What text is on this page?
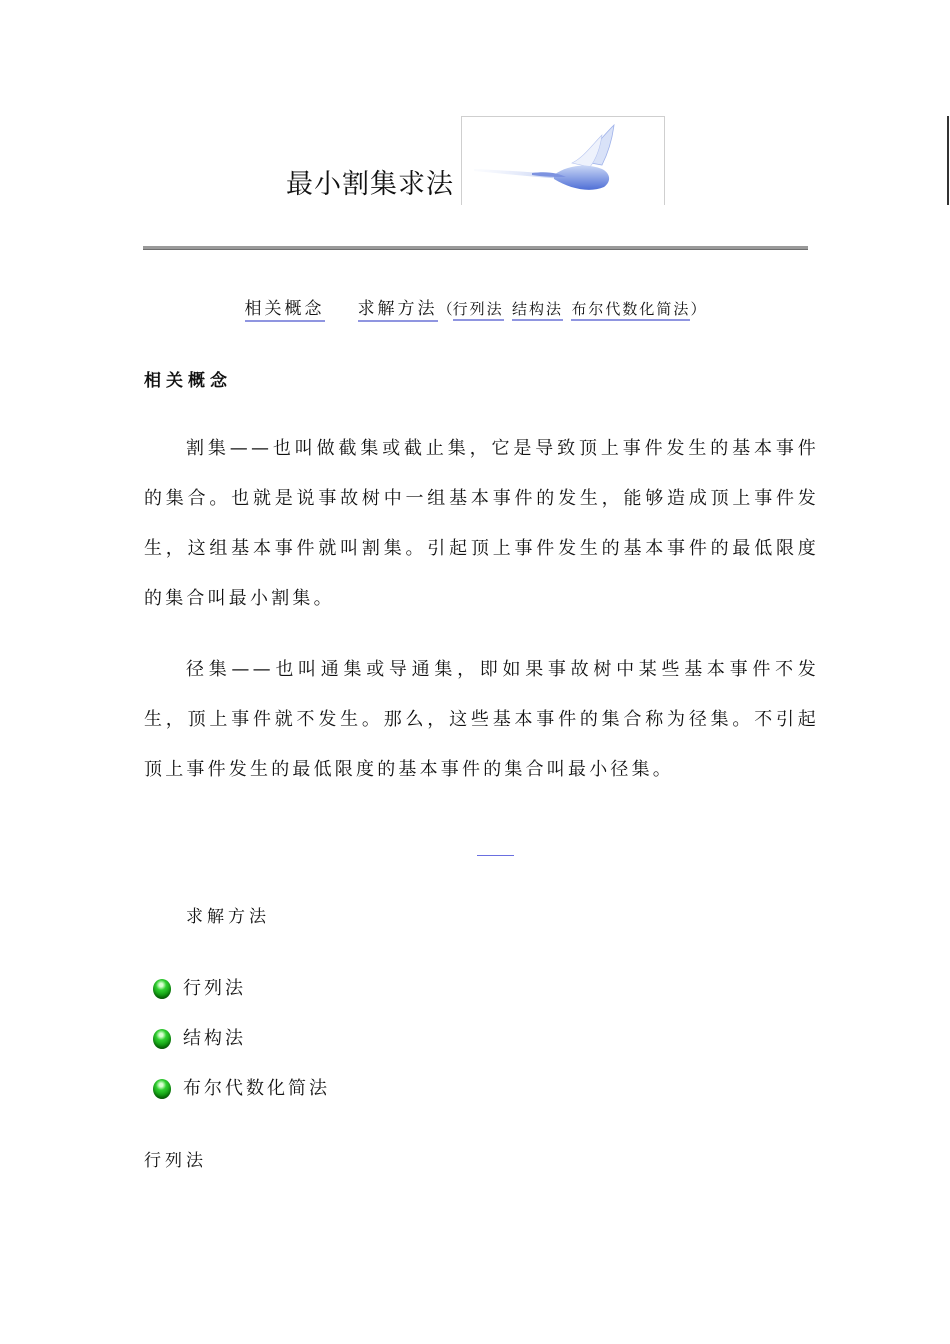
最小割集求法
相关概念 求解方法（行列法 结构法 布尔代数化简法）
相关概念
割集——也叫做截集或截止集，它是导致顶上事件发生的基本事件的集合。也就是说事故树中一组基本事件的发生，能够造成顶上事件发生，这组基本事件就叫割集。引起顶上事件发生的基本事件的最低限度的集合叫最小割集。
径集——也叫通集或导通集，即如果事故树中某些基本事件不发生，顶上事件就不发生。那么，这些基本事件的集合称为径集。不引起顶上事件发生的最低限度的基本事件的集合叫最小径集。
求解方法
行列法
结构法
布尔代数化简法
行列法
